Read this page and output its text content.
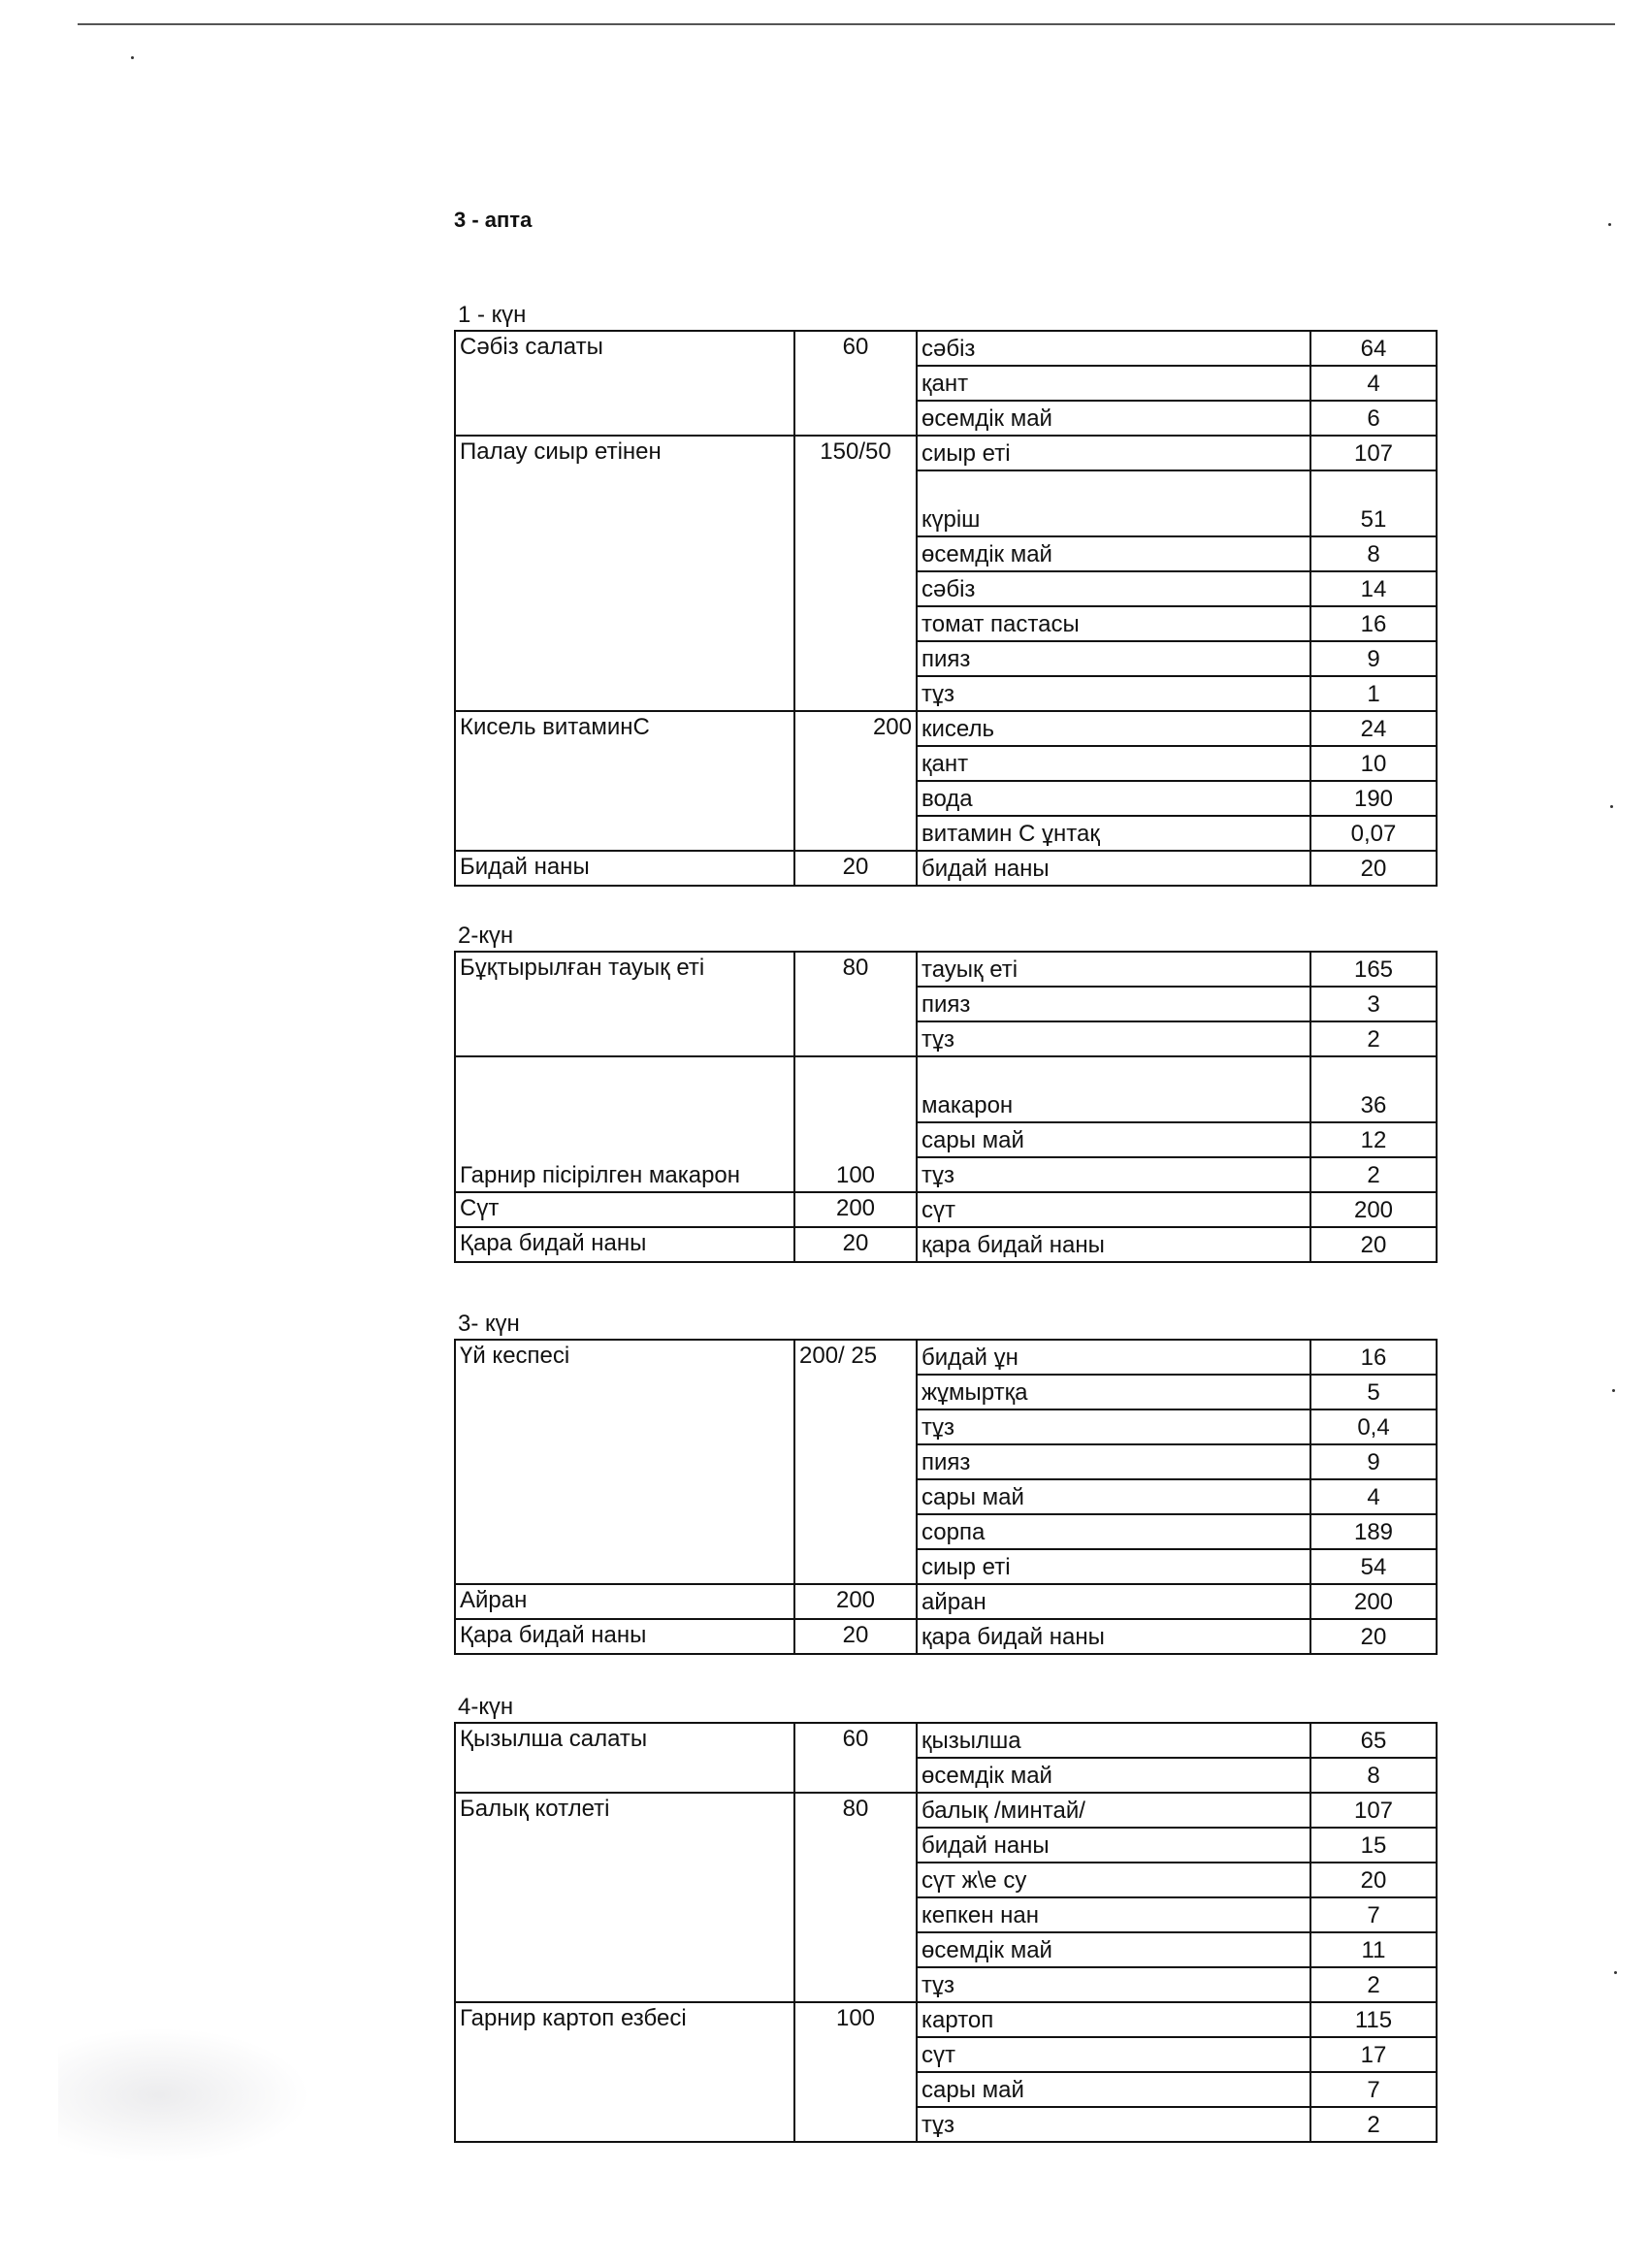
3 - апта
1 - күн
Сәбіз салаты	60	сәбіз	64
		қант	4
		өсемдік май	6
Палау сиыр етінен	150/50	сиыр еті	107
		күріш	51
		өсемдік май	8
		сәбіз	14
		томат пастасы	16
		пияз	9
		тұз	1
Кисель витаминС	200	кисель	24
		қант	10
		вода	190
		витамин С ұнтақ	0,07
Бидай наны	20	бидай наны	20
2-күн
Бұқтырылған тауық еті	80	тауық еті	165
		пияз	3
		тұз	2
Гарнир пісірілген макарон	100	макарон	36
		сары май	12
		тұз	2
Сүт	200	сүт	200
Қара бидай наны	20	қара бидай наны	20
3- күн
Үй кеспесі	200/ 25	бидай ұн	16
		жұмыртқа	5
		тұз	0,4
		пияз	9
		сары май	4
		сорпа	189
		сиыр еті	54
Айран	200	айран	200
Қара бидай наны	20	қара бидай наны	20
4-күн
Қызылша салаты	60	қызылша	65
		өсемдік май	8
Балық котлеті	80	балық /минтай/	107
		бидай наны	15
		сүт ж\е су	20
		кепкен нан	7
		өсемдік май	11
		тұз	2
Гарнир картоп езбесі	100	картоп	115
		сүт	17
		сары май	7
		тұз	2
